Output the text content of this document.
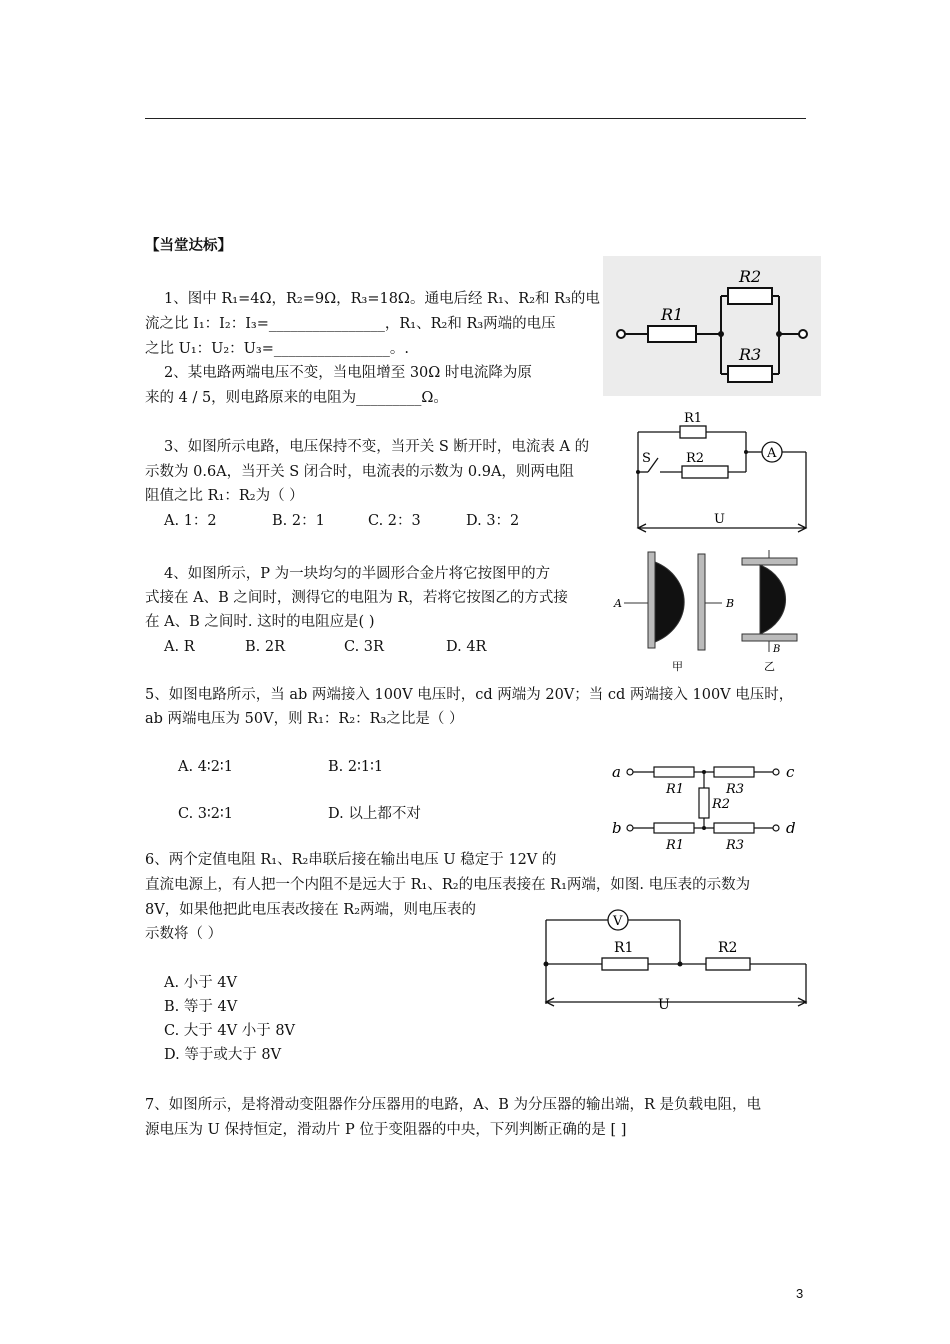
【当堂达标】
1、图中 R₁=4Ω，R₂=9Ω，R₃=18Ω。通电后经 R₁、R₂和 R₃的电
流之比 I₁：I₂：I₃=________________，R₁、R₂和 R₃两端的电压
之比 U₁：U₂：U₃=________________。.
2、某电路两端电压不变，当电阻增至 30Ω 时电流降为原
来的 4 / 5，则电路原来的电阻为_________Ω。
R1
R2
R3
3、如图所示电路，电压保持不变，当开关 S 断开时，电流表 A 的
示数为 0.6A，当开关 S 闭合时，电流表的示数为 0.9A，则两电阻
阻值之比 R₁：R₂为（ ）
A. 1：2	B. 2：1	C. 2：3	D. 3：2
R1
S	R2	A
U
4、如图所示，P 为一块均匀的半圆形合金片将它按图甲的方
式接在 A、B 之间时，测得它的电阻为 R，若将它按图乙的方式接
在 A、B 之间时. 这时的电阻应是( )
A. R	B. 2R	C. 3R	D. 4R
A	B
B
甲	乙
5、如图电路所示，当 ab 两端接入 100V 电压时，cd 两端为 20V；当 cd 两端接入 100V 电压时，
ab 两端电压为 50V，则 R₁：R₂：R₃之比是（ ）
A. 4∶2∶1	B. 2∶1∶1
C. 3∶2∶1	D. 以上都不对
a
R1	R3
c
R2
b
R1	R3
d
6、两个定值电阻 R₁、R₂串联后接在输出电压 U 稳定于 12V 的
直流电源上，有人把一个内阻不是远大于 R₁、R₂的电压表接在 R₁两端，如图. 电压表的示数为
8V，如果他把此电压表改接在 R₂两端，则电压表的
示数将（ ）
A. 小于 4V
B. 等于 4V
C. 大于 4V 小于 8V
D. 等于或大于 8V
V
R1	R2
U
7、如图所示，是将滑动变阻器作分压器用的电路，A、B 为分压器的输出端，R 是负载电阻，电
源电压为 U 保持恒定，滑动片 P 位于变阻器的中央，下列判断正确的是 [ ]
3
